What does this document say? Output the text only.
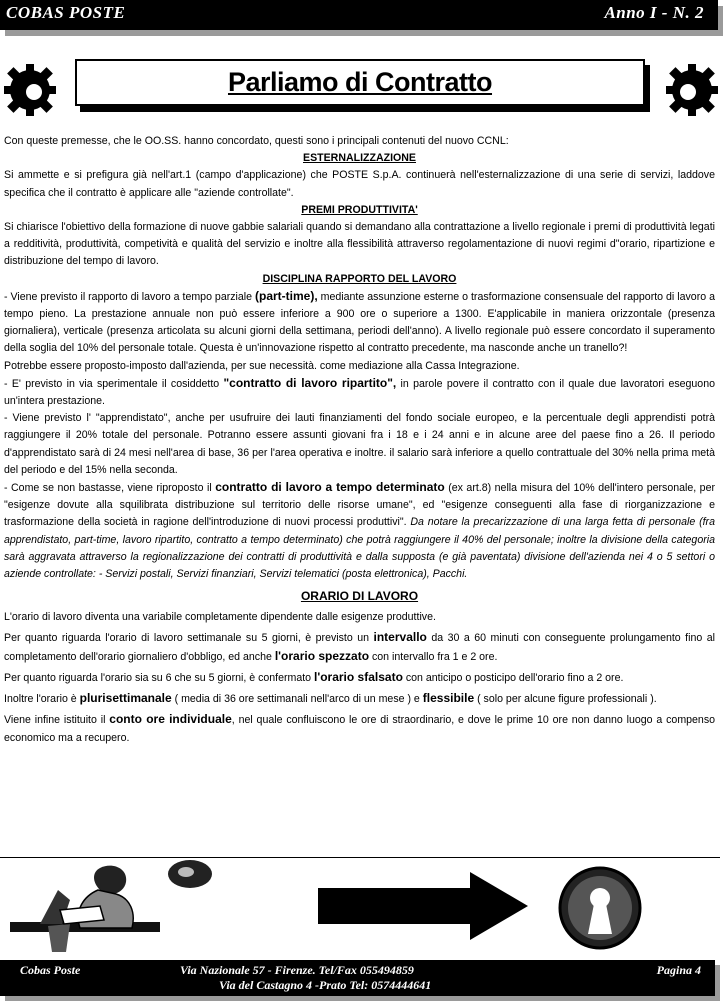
COBAS POSTE	Anno I - N. 2
Parliamo di Contratto

Con queste premesse, che le OO.SS. hanno concordato, questi sono i principali contenuti del nuovo CCNL:

ESTERNALIZZAZIONE

Si ammette e si prefigura già nell'art.1 (campo d'applicazione) che POSTE S.p.A. continuerà nell'esternalizzazione di una serie di servizi, laddove specifica che il contratto è applicare alle "aziende controllate".

PREMI PRODUTTIVITA'

Si chiarisce l'obiettivo della formazione di nuove gabbie salariali quando si demandano alla contrattazione a livello regionale i premi di produttività legati a redditività, produttività, competività e qualità del servizio e inoltre alla flessibilità attraverso regolamentazione di nuovi regimi d"orario, ripartizione e distribuzione del tempo di lavoro.

DISCIPLINA RAPPORTO DEL LAVORO

- Viene previsto il rapporto di lavoro a tempo parziale (part-time), mediante assunzione esterne o trasformazione consensuale del rapporto di lavoro a tempo pieno. La prestazione annuale non può essere inferiore a 900 ore o superiore a 1300. E'applicabile in maniera orizzontale (presenza giornaliera), verticale (presenza articolata su alcuni giorni della settimana, periodi dell'anno). A livello regionale può essere concordato il superamento della soglia del 10% del personale totale. Questa è un'innovazione rispetto al contratto precedente, ma nasconde anche un tranello?!

Potrebbe essere proposto-imposto dall'azienda, per sue necessità. come mediazione alla Cassa Integrazione.

- E' previsto in via sperimentale il cosiddetto "contratto di lavoro ripartito", in parole povere il contratto con il quale due lavoratori eseguono un'intera prestazione.

- Viene previsto l' "apprendistato", anche per usufruire dei lauti finanziamenti del fondo sociale europeo, e la percentuale degli apprendisti potrà raggiungere il 20% totale del personale. Potranno essere assunti giovani fra i 18 e i 24 anni e in alcune aree del paese fino a 26. Il periodo d'apprendistato sarà di 24 mesi nell'area di base, 36 per l'area operativa e inoltre. il salario sarà inferiore a quello contrattuale del 30% nella prima metà del periodo e del 15% nella seconda.

- Come se non bastasse, viene riproposto il contratto di lavoro a tempo determinato (ex art.8) nella misura del 10% dell'intero personale, per "esigenze dovute alla squilibrata distribuzione sul territorio delle risorse umane", ed "esigenze conseguenti alla fase di riorganizzazione e trasformazione della società in ragione dell'introduzione di nuovi processi produttivi". Da notare la precarizzazione di una larga fetta di personale (fra apprendistato, part-time, lavoro ripartito, contratto a tempo determinato) che potrà raggiungere il 40% del personale; inoltre la divisione della categoria sarà aggravata attraverso la regionalizzazione dei contratti di produttività e dalla supposta (e già paventata) divisione dell'azienda nei 4 o 5 settori o aziende controllate: - Servizi postali, Servizi finanziari, Servizi telematici (posta elettronica), Pacchi.

ORARIO DI LAVORO

L'orario di lavoro diventa una variabile completamente dipendente dalle esigenze produttive.

Per quanto riguarda l'orario di lavoro settimanale su 5 giorni, è previsto un intervallo da 30 a 60 minuti con conseguente prolungamento fino al completamento dell'orario giornaliero d'obbligo, ed anche l'orario spezzato con intervallo fra 1 e 2 ore.

Per quanto riguarda l'orario sia su 6 che su 5 giorni, è confermato l'orario sfalsato con anticipo o posticipo dell'orario fino a 2 ore.

Inoltre l'orario è plurisettimanale ( media di 36 ore settimanali nell'arco di un mese ) e flessibile ( solo per alcune figure professionali ).

Viene infine istituito il conto ore individuale, nel quale confluiscono le ore di straordinario, e dove le prime 10 ore non danno luogo a compenso economico ma a recupero.

Cobas Poste	Via Nazionale 57 - Firenze. Tel/Fax 055494859
Via del Castagno 4 -Prato Tel: 0574444641
Pagina 4
